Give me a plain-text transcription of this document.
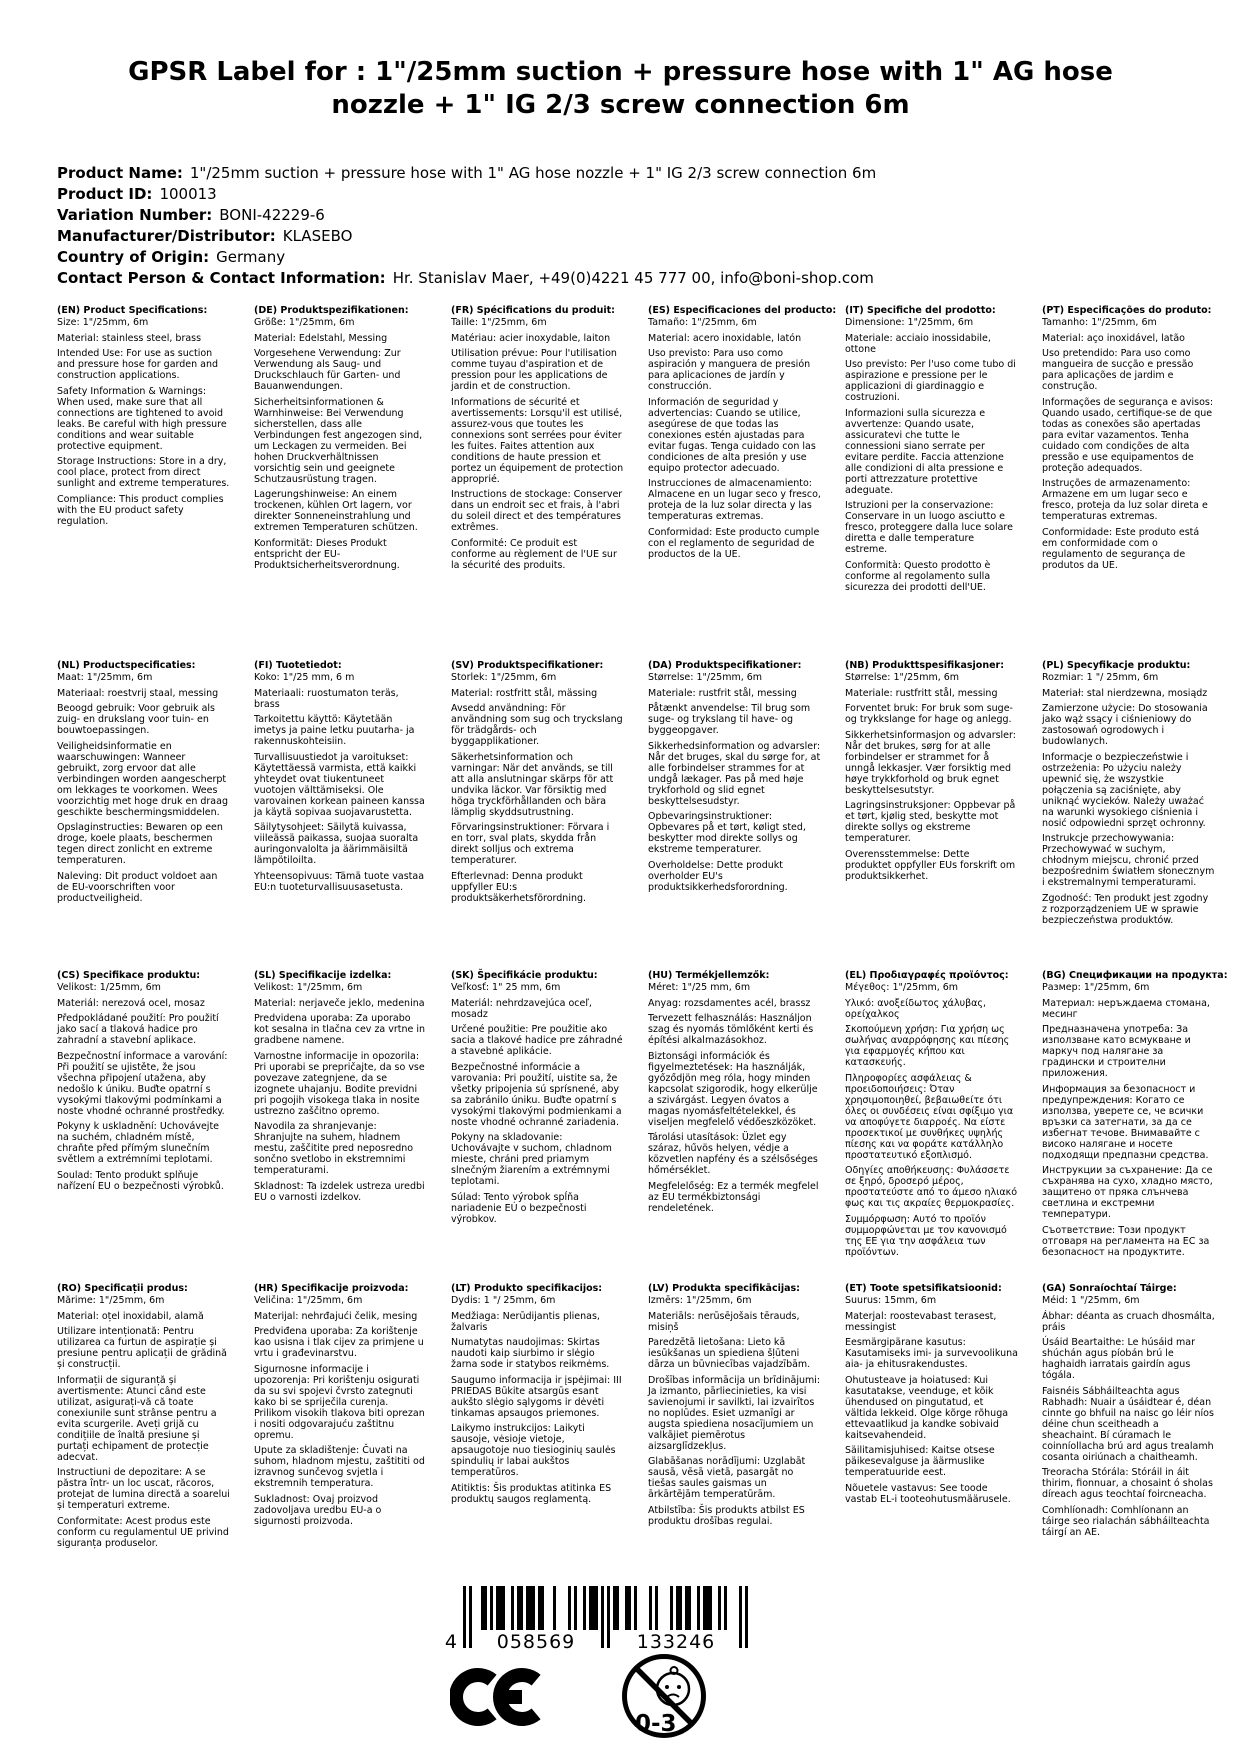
GPSR Label for : 1"/25mm suction + pressure hose with 1" AG hose nozzle + 1" IG 2/3 screw connection 6m
Product Name: 1"/25mm suction + pressure hose with 1" AG hose nozzle + 1" IG 2/3 screw connection 6m
Product ID: 100013
Variation Number: BONI-42229-6
Manufacturer/Distributor: KLASEBO
Country of Origin: Germany
Contact Person & Contact Information: Hr. Stanislav Maer, +49(0)4221 45 777 00, info@boni-shop.com
(EN) Product Specifications:

Size: 1"/25mm, 6m

Material: stainless steel, brass

Intended Use: For use as suction and pressure hose for garden and construction applications.

Safety Information & Warnings: When used, make sure that all connections are tightened to avoid leaks. Be careful with high pressure conditions and wear suitable protective equipment.

Storage Instructions: Store in a dry, cool place, protect from direct sunlight and extreme temperatures.

Compliance: This product complies with the EU product safety regulation.

(DE) Produktspezifikationen:

Größe: 1"/25mm, 6m

Material: Edelstahl, Messing

Vorgesehene Verwendung: Zur Verwendung als Saug- und Druckschlauch für Garten- und Bauanwendungen.

Sicherheitsinformationen & Warnhinweise: Bei Verwendung sicherstellen, dass alle Verbindungen fest angezogen sind, um Leckagen zu vermeiden. Bei hohen Druckverhältnissen vorsichtig sein und geeignete Schutzausrüstung tragen.

Lagerungshinweise: An einem trockenen, kühlen Ort lagern, vor direkter Sonneneinstrahlung und extremen Temperaturen schützen.

Konformität: Dieses Produkt entspricht der EU-Produktsicherheitsverordnung.

(FR) Spécifications du produit:

Taille: 1"/25mm, 6m

Matériau: acier inoxydable, laiton

Utilisation prévue: Pour l'utilisation comme tuyau d'aspiration et de pression pour les applications de jardin et de construction.

Informations de sécurité et avertissements: Lorsqu'il est utilisé, assurez-vous que toutes les connexions sont serrées pour éviter les fuites. Faites attention aux conditions de haute pression et portez un équipement de protection approprié.

Instructions de stockage: Conserver dans un endroit sec et frais, à l'abri du soleil direct et des températures extrêmes.

Conformité: Ce produit est conforme au règlement de l'UE sur la sécurité des produits.

(ES) Especificaciones del producto:

Tamaño: 1"/25mm, 6m

Material: acero inoxidable, latón

Uso previsto: Para uso como aspiración y manguera de presión para aplicaciones de jardín y construcción.

Información de seguridad y advertencias: Cuando se utilice, asegúrese de que todas las conexiones estén ajustadas para evitar fugas. Tenga cuidado con las condiciones de alta presión y use equipo protector adecuado.

Instrucciones de almacenamiento: Almacene en un lugar seco y fresco, proteja de la luz solar directa y las temperaturas extremas.

Conformidad: Este producto cumple con el reglamento de seguridad de productos de la UE.

(IT) Specifiche del prodotto:

Dimensione: 1"/25mm, 6m

Materiale: acciaio inossidabile, ottone

Uso previsto: Per l'uso come tubo di aspirazione e pressione per le applicazioni di giardinaggio e costruzioni.

Informazioni sulla sicurezza e avvertenze: Quando usate, assicuratevi che tutte le connessioni siano serrate per evitare perdite. Faccia attenzione alle condizioni di alta pressione e porti attrezzature protettive adeguate.

Istruzioni per la conservazione: Conservare in un luogo asciutto e fresco, proteggere dalla luce solare diretta e dalle temperature estreme.

Conformità: Questo prodotto è conforme al regolamento sulla sicurezza dei prodotti dell'UE.

(PT) Especificações do produto:

Tamanho: 1"/25mm, 6m

Material: aço inoxidável, latão

Uso pretendido: Para uso como mangueira de sucção e pressão para aplicações de jardim e construção.

Informações de segurança e avisos: Quando usado, certifique-se de que todas as conexões são apertadas para evitar vazamentos. Tenha cuidado com condições de alta pressão e use equipamentos de proteção adequados.

Instruções de armazenamento: Armazene em um lugar seco e fresco, proteja da luz solar direta e temperaturas extremas.

Conformidade: Este produto está em conformidade com o regulamento de segurança de produtos da UE.

(NL) Productspecificaties:

Maat: 1"/25mm, 6m

Materiaal: roestvrij staal, messing

Beoogd gebruik: Voor gebruik als zuig- en drukslang voor tuin- en bouwtoepassingen.

Veiligheidsinformatie en waarschuwingen: Wanneer gebruikt, zorg ervoor dat alle verbindingen worden aangescherpt om lekkages te voorkomen. Wees voorzichtig met hoge druk en draag geschikte beschermingsmiddelen.

Opslaginstructies: Bewaren op een droge, koele plaats, beschermen tegen direct zonlicht en extreme temperaturen.

Naleving: Dit product voldoet aan de EU-voorschriften voor productveiligheid.

(FI) Tuotetiedot:

Koko: 1"/25 mm, 6 m

Materiaali: ruostumaton teräs, brass

Tarkoitettu käyttö: Käytetään imetys ja paine letku puutarha- ja rakennuskohteisiin.

Turvallisuustiedot ja varoitukset: Käytettäessä varmista, että kaikki yhteydet ovat tiukentuneet vuotojen välttämiseksi. Ole varovainen korkean paineen kanssa ja käytä sopivaa suojavarustetta.

Säilytysohjeet: Säilytä kuivassa, viileässä paikassa, suojaa suoralta auringonvalolta ja äärimmäisiltä lämpötiloilta.

Yhteensopivuus: Tämä tuote vastaa EU:n tuoteturvallisuusasetusta.

(SV) Produktspecifikationer:

Storlek: 1"/25mm, 6m

Material: rostfritt stål, mässing

Avsedd användning: För användning som sug och tryckslang för trädgårds- och byggapplikationer.

Säkerhetsinformation och varningar: När det används, se till att alla anslutningar skärps för att undvika läckor. Var försiktig med höga tryckförhållanden och bära lämplig skyddsutrustning.

Förvaringsinstruktioner: Förvara i en torr, sval plats, skydda från direkt solljus och extrema temperaturer.

Efterlevnad: Denna produkt uppfyller EU:s produktsäkerhetsförordning.

(DA) Produktspecifikationer:

Størrelse: 1"/25mm, 6m

Materiale: rustfrit stål, messing

Påtænkt anvendelse: Til brug som suge- og trykslang til have- og byggeopgaver.

Sikkerhedsinformation og advarsler: Når det bruges, skal du sørge for, at alle forbindelser strammes for at undgå lækager. Pas på med høje trykforhold og slid egnet beskyttelsesudstyr.

Opbevaringsinstruktioner: Opbevares på et tørt, køligt sted, beskytter mod direkte sollys og ekstreme temperaturer.

Overholdelse: Dette produkt overholder EU's produktsikkerhedsforordning.

(NB) Produkttspesifikasjoner:

Størrelse: 1"/25mm, 6m

Materiale: rustfritt stål, messing

Forventet bruk: For bruk som suge- og trykkslange for hage og anlegg.

Sikkerhetsinformasjon og advarsler: Når det brukes, sørg for at alle forbindelser er strammet for å unngå lekkasjer. Vær forsiktig med høye trykkforhold og bruk egnet beskyttelsesutstyr.

Lagringsinstruksjoner: Oppbevar på et tørt, kjølig sted, beskytte mot direkte sollys og ekstreme temperaturer.

Overensstemmelse: Dette produktet oppfyller EUs forskrift om produktsikkerhet.

(PL) Specyfikacje produktu:

Rozmiar: 1 "/ 25mm, 6m

Materiał: stal nierdzewna, mosiądz

Zamierzone użycie: Do stosowania jako wąż ssący i ciśnieniowy do zastosowań ogrodowych i budowlanych.

Informacje o bezpieczeństwie i ostrzeżenia: Po użyciu należy upewnić się, że wszystkie połączenia są zaciśnięte, aby uniknąć wycieków. Należy uważać na warunki wysokiego ciśnienia i nosić odpowiedni sprzęt ochronny.

Instrukcje przechowywania: Przechowywać w suchym, chłodnym miejscu, chronić przed bezpośrednim światłem słonecznym i ekstremalnymi temperaturami.

Zgodność: Ten produkt jest zgodny z rozporządzeniem UE w sprawie bezpieczeństwa produktów.

(CS) Specifikace produktu:

Velikost: 1/25mm, 6m

Materiál: nerezová ocel, mosaz

Předpokládané použití: Pro použití jako sací a tlaková hadice pro zahradní a stavební aplikace.

Bezpečnostní informace a varování: Při použití se ujistěte, že jsou všechna připojení utažena, aby nedošlo k úniku. Buďte opatrní s vysokými tlakovými podmínkami a noste vhodné ochranné prostředky.

Pokyny k uskladnění: Uchovávejte na suchém, chladném místě, chraňte před přímým slunečním světlem a extrémními teplotami.

Soulad: Tento produkt splňuje nařízení EU o bezpečnosti výrobků.

(SL) Specifikacije izdelka:

Velikost: 1"/25mm, 6m

Material: nerjaveče jeklo, medenina

Predvidena uporaba: Za uporabo kot sesalna in tlačna cev za vrtne in gradbene namene.

Varnostne informacije in opozorila: Pri uporabi se prepričajte, da so vse povezave zategnjene, da se izognete uhajanju. Bodite previdni pri pogojih visokega tlaka in nosite ustrezno zaščitno opremo.

Navodila za shranjevanje: Shranjujte na suhem, hladnem mestu, zaščitite pred neposredno sončno svetlobo in ekstremnimi temperaturami.

Skladnost: Ta izdelek ustreza uredbi EU o varnosti izdelkov.

(SK) Špecifikácie produktu:

Veľkosť: 1" 25 mm, 6m

Materiál: nehrdzavejúca oceľ, mosadz

Určené použitie: Pre použitie ako sacia a tlakové hadice pre záhradné a stavebné aplikácie.

Bezpečnostné informácie a varovania: Pri použití, uistite sa, že všetky pripojenia sú sprísnené, aby sa zabránilo úniku. Buďte opatrní s vysokými tlakovými podmienkami a noste vhodné ochranné zariadenia.

Pokyny na skladovanie: Uchovávajte v suchom, chladnom mieste, chráni pred priamym slnečným žiarením a extrémnymi teplotami.

Súlad: Tento výrobok spĺňa nariadenie EÚ o bezpečnosti výrobkov.

(HU) Termékjellemzők:

Méret: 1"/25 mm, 6m

Anyag: rozsdamentes acél, brassz

Tervezett felhasználás: Használjon szag és nyomás tömlőként kerti és építési alkalmazásokhoz.

Biztonsági információk és figyelmeztetések: Ha használják, győződjön meg róla, hogy minden kapcsolat szigorodik, hogy elkerülje a szivárgást. Legyen óvatos a magas nyomásfeltételekkel, és viseljen megfelelő védőeszközöket.

Tárolási utasítások: Üzlet egy száraz, hűvös helyen, védje a közvetlen napfény és a szélsőséges hőmérséklet.

Megfelelőség: Ez a termék megfelel az EU termékbiztonsági rendeletének.

(EL) Προδιαγραφές προϊόντος:

Μέγεθος: 1"/25mm, 6m

Υλικό: ανοξείδωτος χάλυβας, ορείχαλκος

Σκοπούμενη χρήση: Για χρήση ως σωλήνας αναρρόφησης και πίεσης για εφαρμογές κήπου και κατασκευής.

Πληροφορίες ασφάλειας & προειδοποιήσεις: Όταν χρησιμοποιηθεί, βεβαιωθείτε ότι όλες οι συνδέσεις είναι σφίξιμο για να αποφύγετε διαρροές. Να είστε προσεκτικοί με συνθήκες υψηλής πίεσης και να φοράτε κατάλληλο προστατευτικό εξοπλισμό.

Οδηγίες αποθήκευσης: Φυλάσσετε σε ξηρό, δροσερό μέρος, προστατεύστε από το άμεσο ηλιακό φως και τις ακραίες θερμοκρασίες.

Συμμόρφωση: Αυτό το προϊόν συμμορφώνεται με τον κανονισμό της ΕΕ για την ασφάλεια των προϊόντων.

(BG) Спецификации на продукта:

Размер: 1"/25mm, 6m

Материал: неръждаема стомана, месинг

Предназначена употреба: За използване като всмукване и маркуч под налягане за градински и строителни приложения.

Информация за безопасност и предупреждения: Когато се използва, уверете се, че всички връзки са затегнати, за да се избегнат течове. Внимавайте с високо налягане и носете подходящи предпазни средства.

Инструкции за съхранение: Да се съхранява на сухо, хладно място, защитено от пряка слънчева светлина и екстремни температури.

Съответствие: Този продукт отговаря на регламента на ЕС за безопасност на продуктите.

(RO) Specificații produs:

Mărime: 1"/25mm, 6m

Material: oțel inoxidabil, alamă

Utilizare intenționată: Pentru utilizarea ca furtun de aspirație și presiune pentru aplicații de grădină și construcții.

Informații de siguranță și avertismente: Atunci când este utilizat, asigurați-vă că toate conexiunile sunt strânse pentru a evita scurgerile. Aveți grijă cu condițiile de înaltă presiune și purtați echipament de protecție adecvat.

Instructiuni de depozitare: A se păstra într- un loc uscat, răcoros, protejat de lumina directă a soarelui și temperaturi extreme.

Conformitate: Acest produs este conform cu regulamentul UE privind siguranța produselor.

(HR) Specifikacije proizvoda:

Veličina: 1"/25mm, 6m

Materijal: nehrđajući čelik, mesing

Predviđena uporaba: Za korištenje kao usisna i tlak cijev za primjene u vrtu i građevinarstvu.

Sigurnosne informacije i upozorenja: Pri korištenju osigurati da su svi spojevi čvrsto zategnuti kako bi se spriječila curenja. Prilikom visokih tlakova biti oprezan i nositi odgovarajuću zaštitnu opremu.

Upute za skladištenje: Čuvati na suhom, hladnom mjestu, zaštititi od izravnog sunčevog svjetla i ekstremnih temperatura.

Sukladnost: Ovaj proizvod zadovoljava uredbu EU-a o sigurnosti proizvoda.

(LT) Produkto specifikacijos:

Dydis: 1 "/ 25mm, 6m

Medžiaga: Nerūdijantis plienas, žalvaris

Numatytas naudojimas: Skirtas naudoti kaip siurbimo ir slėgio žarna sode ir statybos reikmėms.

Saugumo informacija ir įspėjimai: III PRIEDAS Būkite atsargūs esant aukšto slėgio sąlygoms ir dėvėti tinkamas apsaugos priemones.

Laikymo instrukcijos: Laikyti sausoje, vėsioje vietoje, apsaugotoje nuo tiesioginių saulės spindulių ir labai aukštos temperatūros.

Atitiktis: Šis produktas atitinka ES produktų saugos reglamentą.

(LV) Produkta specifikācijas:

Izmērs: 1"/25mm, 6m

Materiāls: nerūsējošais tērauds, misiņš

Paredzētā lietošana: Lieto kā iesūkšanas un spiediena šļūteni dārza un būvniecības vajadzībām.

Drošības informācija un brīdinājumi: Ja izmanto, pārliecinieties, ka visi savienojumi ir savilkti, lai izvairītos no noplūdes. Esiet uzmanīgi ar augsta spiediena nosacījumiem un valkājiet piemērotus aizsarglīdzekļus.

Glabāšanas norādījumi: Uzglabāt sausā, vēsā vietā, pasargāt no tiešas saules gaismas un ārkārtējām temperatūrām.

Atbilstība: Šis produkts atbilst ES produktu drošības regulai.

(ET) Toote spetsifikatsioonid:

Suurus: 15mm, 6m

Materjal: roostevabast terasest, messingist

Eesmärgipärane kasutus: Kasutamiseks imi- ja survevoolikuna aia- ja ehitusrakendustes.

Ohutusteave ja hoiatused: Kui kasutatakse, veenduge, et kõik ühendused on pingutatud, et vältida lekkeid. Olge kõrge rõhuga ettevaatlikud ja kandke sobivaid kaitsevahendeid.

Säilitamisjuhised: Kaitse otsese päikesevalguse ja äärmuslike temperatuuride eest.

Nõuetele vastavus: See toode vastab EL-i tooteohutusmäärusele.

(GA) Sonraíochtaí Táirge:

Méid: 1 "/25mm, 6m

Ábhar: déanta as cruach dhosmálta, práis

Úsáid Beartaithe: Le húsáid mar shúchán agus píobán brú le haghaidh iarratais gairdín agus tógála.

Faisnéis Sábháilteachta agus Rabhadh: Nuair a úsáidtear é, déan cinnte go bhfuil na naisc go léir níos déine chun sceitheadh a sheachaint. Bí cúramach le coinníollacha brú ard agus trealamh cosanta oiriúnach a chaitheamh.

Treoracha Stórála: Stóráil in áit thirim, fionnuar, a chosaint ó sholas díreach agus teochtaí foircneacha.

Comhlíonadh: Comhlíonann an táirge seo rialachán sábháilteachta táirgí an AE.

4	058569	133246
0-3
